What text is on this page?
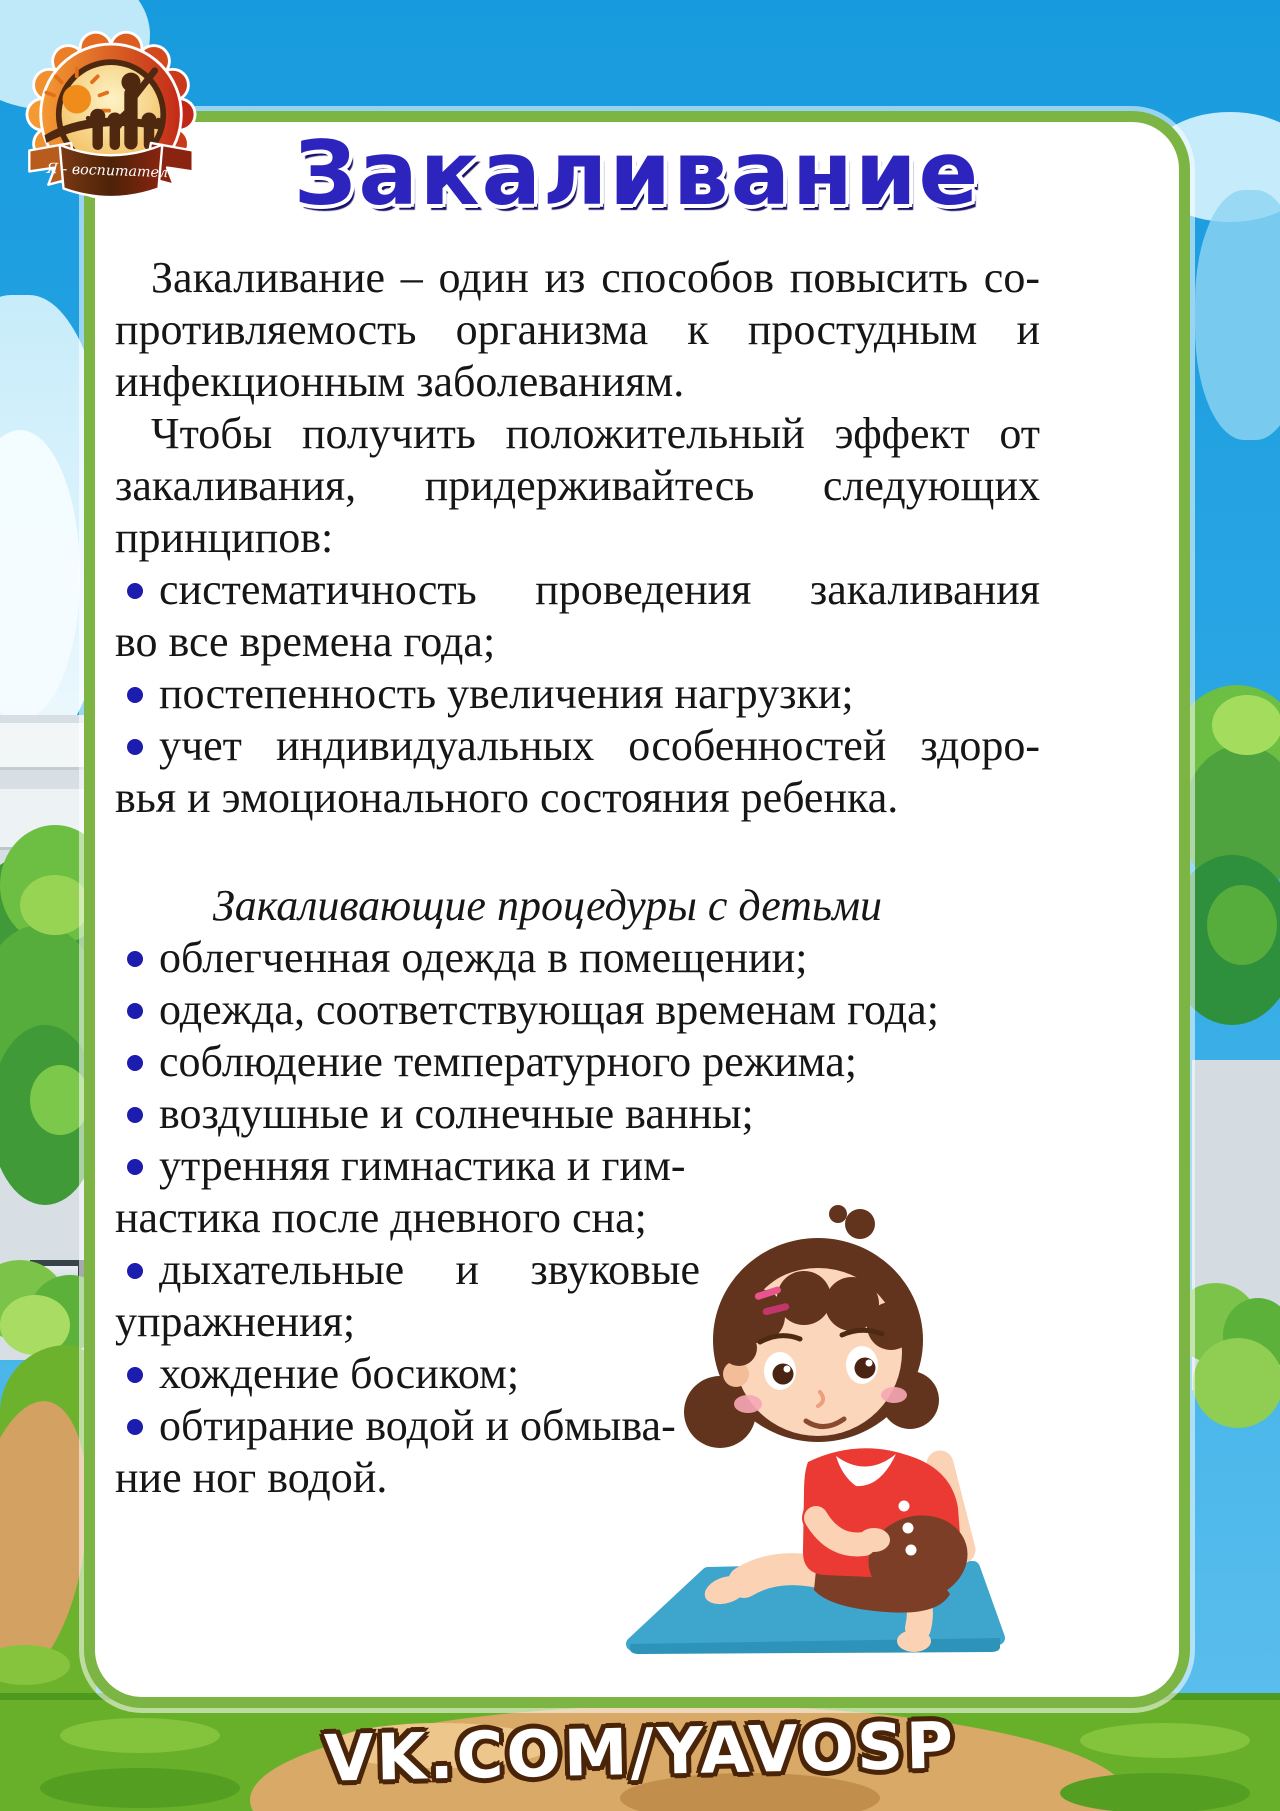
Закаливание
Закаливание – один из способов повысить со-
противляемость организма к простудным и
инфекционным заболеваниям.
Чтобы получить положительный эффект от
закаливания, придерживайтесь следующих
принципов:
систематичность проведения закаливания
во все времена года;
постепенность увеличения нагрузки;
учет индивидуальных особенностей здоро-
вья и эмоционального состояния ребенка.
Закаливающие процедуры с детьми
облегченная одежда в помещении;
одежда, соответствующая временам года;
соблюдение температурного режима;
воздушные и солнечные ванны;
утренняя гимнастика и гим-
настика после дневного сна;
дыхательные и звуковые
упражнения;
хождение босиком;
обтирание водой и обмыва-
ние ног водой.
Я - воспитатель
VK.COM/YAVOSP
